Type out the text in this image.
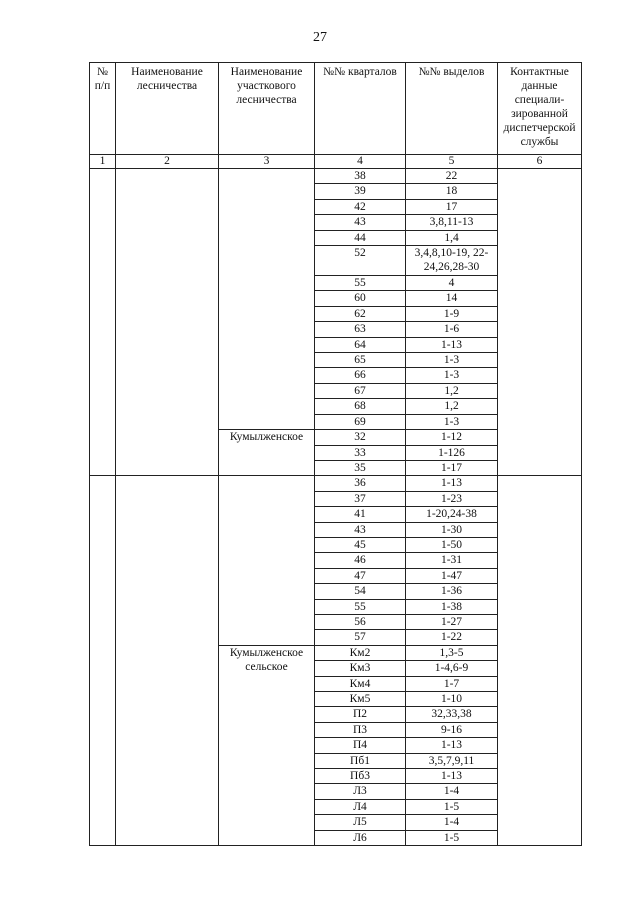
27
№ п/п	Наименование лесничества	Наименование участкового лесничества	№№ кварталов	№№ выделов	Контактные данные специали-зированной диспетчерской службы
1	2	3	4	5	6
			38	22	
			39	18	
			42	17	
			43	3,8,11-13	
			44	1,4	
			52	3,4,8,10-19, 22-24,26,28-30	
			55	4	
			60	14	
			62	1-9	
			63	1-6	
			64	1-13	
			65	1-3	
			66	1-3	
			67	1,2	
			68	1,2	
			69	1-3	
		Кумылженское	32	1-12	
			33	1-126	
			35	1-17	
			36	1-13	
			37	1-23	
			41	1-20,24-38	
			43	1-30	
			45	1-50	
			46	1-31	
			47	1-47	
			54	1-36	
			55	1-38	
			56	1-27	
			57	1-22	
		Кумылженское сельское	Км2	1,3-5	
			Км3	1-4,6-9	
			Км4	1-7	
			Км5	1-10	
			П2	32,33,38	
			П3	9-16	
			П4	1-13	
			Пб1	3,5,7,9,11	
			Пб3	1-13	
			Л3	1-4	
			Л4	1-5	
			Л5	1-4	
			Л6	1-5	
